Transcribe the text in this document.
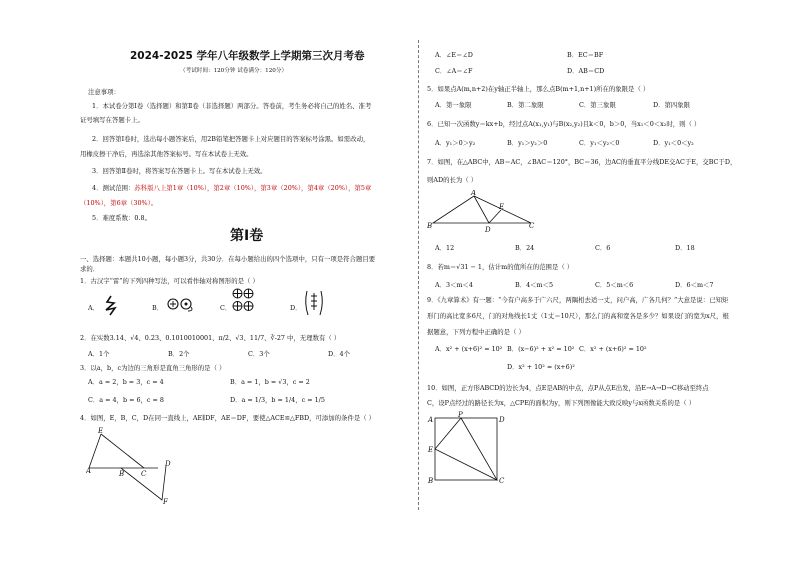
2024-2025 学年八年级数学上学期第三次月考卷
（考试时间：120分钟 试卷满分：120分）
注意事项：
1．本试卷分第Ⅰ卷（选择题）和第Ⅱ卷（非选择题）两部分。答卷前，考生务必将自己的姓名、准考
证号填写在答题卡上。
2．回答第Ⅰ卷时，选出每小题答案后，用2B铅笔把答题卡上对应题目的答案标号涂黑。如需改动，
用橡皮擦干净后，再选涂其他答案标号。写在本试卷上无效。
3．回答第Ⅱ卷时，将答案写在答题卡上。写在本试卷上无效。
4．测试范围：苏科版八上第1章（10%），第2章（10%），第3章（20%），第4章（20%），第5章
（10%），第6章（30%）。
5．难度系数：0.8。
第Ⅰ卷
一、选择题：本题共10小题，每小题3分，共30分．在每小题给出的四个选项中，只有一项是符合题目要
求的．
1．古汉字“雷”的下列四种写法，可以看作轴对称图形的是（ ）
A．	B．	C．	D．
2．在实数3.14、√4、0.23、0.1010010001、π/2、√3、11/7、∛-27 中，无理数有（ ）
A．1个	B．2个	C．3个	D．4个
3．以a，b，c为边的三角形是直角三角形的是（ ）
A．a = 2，b = 3，c = 4	B．a = 1，b = √3，c = 2
C．a = 4，b = 6，c = 8	D．a = 1/3，b = 1/4，c = 1/5
4．如图，E，B，C，D在同一直线上，AE∥DF，AE＝DF，要使△ACE≌△FBD，可添加的条件是（ ）
E
A	B C
D
F
A．∠E＝∠D	B．EC＝BF
C．∠A＝∠F	D．AB＝CD
5．如果点A(m,n+2)在y轴正半轴上，那么点B(m+1,n+1)所在的象限是（ ）
A．第一象限	B．第二象限	C．第三象限	D．第四象限
6．已知一次函数y＝kx+b，经过点A(x₁,y₁)与B(x₂,y₂)且k＜0，b＞0，当x₁＜0＜x₂时，则（ ）
A．y₁＞0＞y₂	B．y₁＞y₂＞0	C．y₁＜y₂＜0	D．y₁＜0＜y₂
7．如图，在△ABC中，AB＝AC，∠BAC＝120°，BC＝36，边AC的垂直平分线DE交AC于E，交BC于D，
则AD的长为（ ）
A
E
B	D	C
A．12	B．24	C．6	D．18
8．若m＝√31 − 1，估计m的值所在的范围是（ ）
A．3＜m＜4	B．4＜m＜5	C．5＜m＜6	D．6＜m＜7
9．《九章算术》有一题：“今有户高多于广六尺，两隅相去适一丈，问户高，广各几何？”大意是说：已知矩
形门的高比宽多6尺，门的对角线长1丈（1丈＝10尺），那么门的高和宽各是多少？如果设门的宽为x尺，根
据题意，下列方程中正确的是（ ）
A．x² + (x+6)² = 10² B．(x−6)² + x² = 10² C．x² + (x+6)² = 10²
D．x² + 10² = (x+6)²
10．如图，正方形ABCD的边长为4，点E是AB的中点，点P从点E出发，沿E→A→D→C移动至终点
C，设P点经过的路径长为x，△CPE的面积为y，则下列图像能大致反映y与x函数关系的是（ ）
A
P
D
E
B	C
